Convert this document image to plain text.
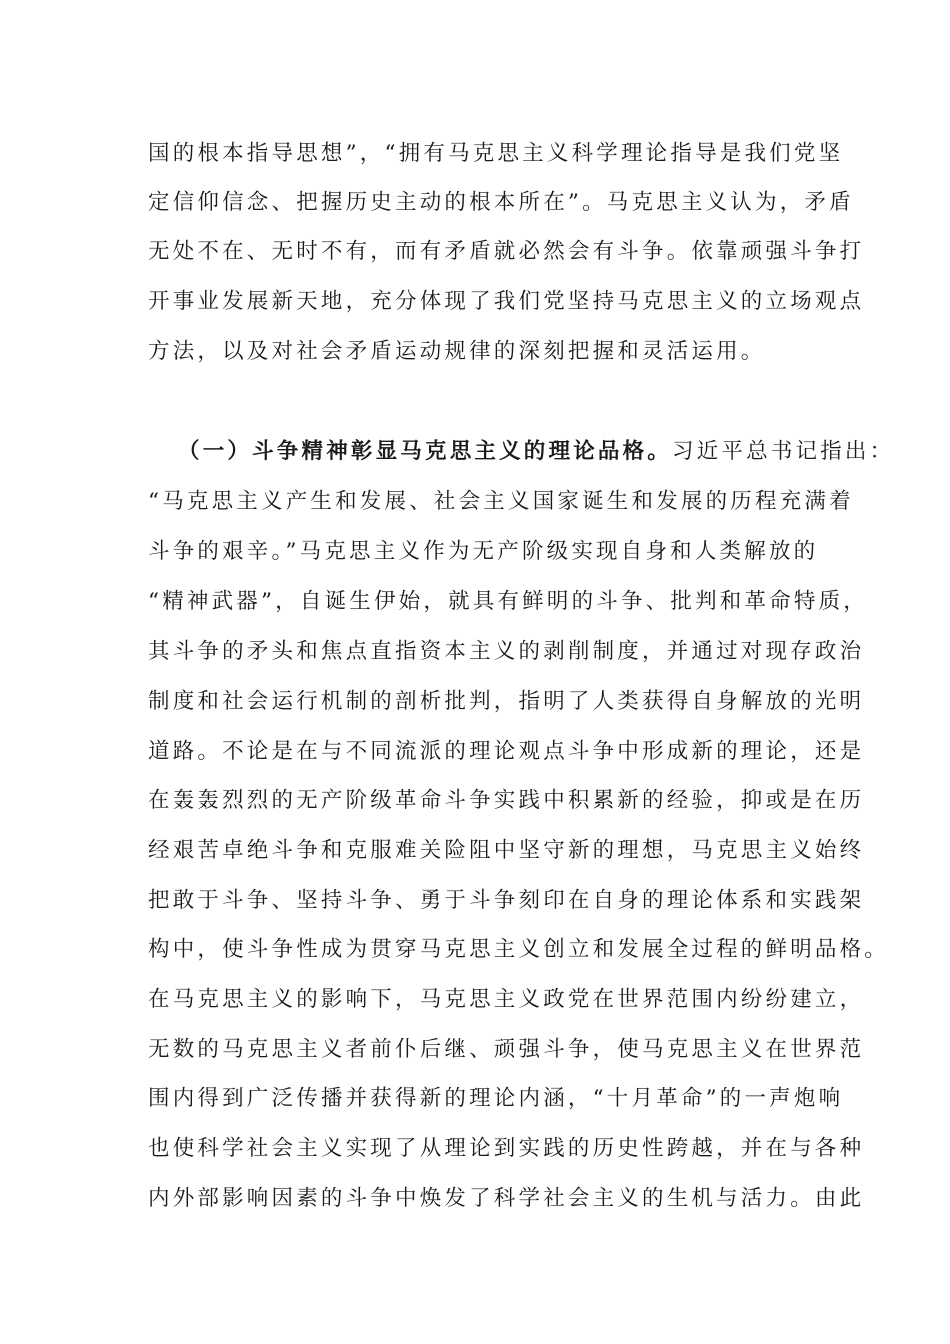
国的根本指导思想”，“拥有马克思主义科学理论指导是我们党坚
定信仰信念、把握历史主动的根本所在”。马克思主义认为，矛盾
无处不在、无时不有，而有矛盾就必然会有斗争。依靠顽强斗争打
开事业发展新天地，充分体现了我们党坚持马克思主义的立场观点
方法，以及对社会矛盾运动规律的深刻把握和灵活运用。
（一）斗争精神彰显马克思主义的理论品格。习近平总书记指出：
“马克思主义产生和发展、社会主义国家诞生和发展的历程充满着
斗争的艰辛。”马克思主义作为无产阶级实现自身和人类解放的
“精神武器”，自诞生伊始，就具有鲜明的斗争、批判和革命特质，
其斗争的矛头和焦点直指资本主义的剥削制度，并通过对现存政治
制度和社会运行机制的剖析批判，指明了人类获得自身解放的光明
道路。不论是在与不同流派的理论观点斗争中形成新的理论，还是
在轰轰烈烈的无产阶级革命斗争实践中积累新的经验，抑或是在历
经艰苦卓绝斗争和克服难关险阻中坚守新的理想，马克思主义始终
把敢于斗争、坚持斗争、勇于斗争刻印在自身的理论体系和实践架
构中，使斗争性成为贯穿马克思主义创立和发展全过程的鲜明品格。
在马克思主义的影响下，马克思主义政党在世界范围内纷纷建立，
无数的马克思主义者前仆后继、顽强斗争，使马克思主义在世界范
围内得到广泛传播并获得新的理论内涵，“十月革命”的一声炮响
也使科学社会主义实现了从理论到实践的历史性跨越，并在与各种
内外部影响因素的斗争中焕发了科学社会主义的生机与活力。由此
